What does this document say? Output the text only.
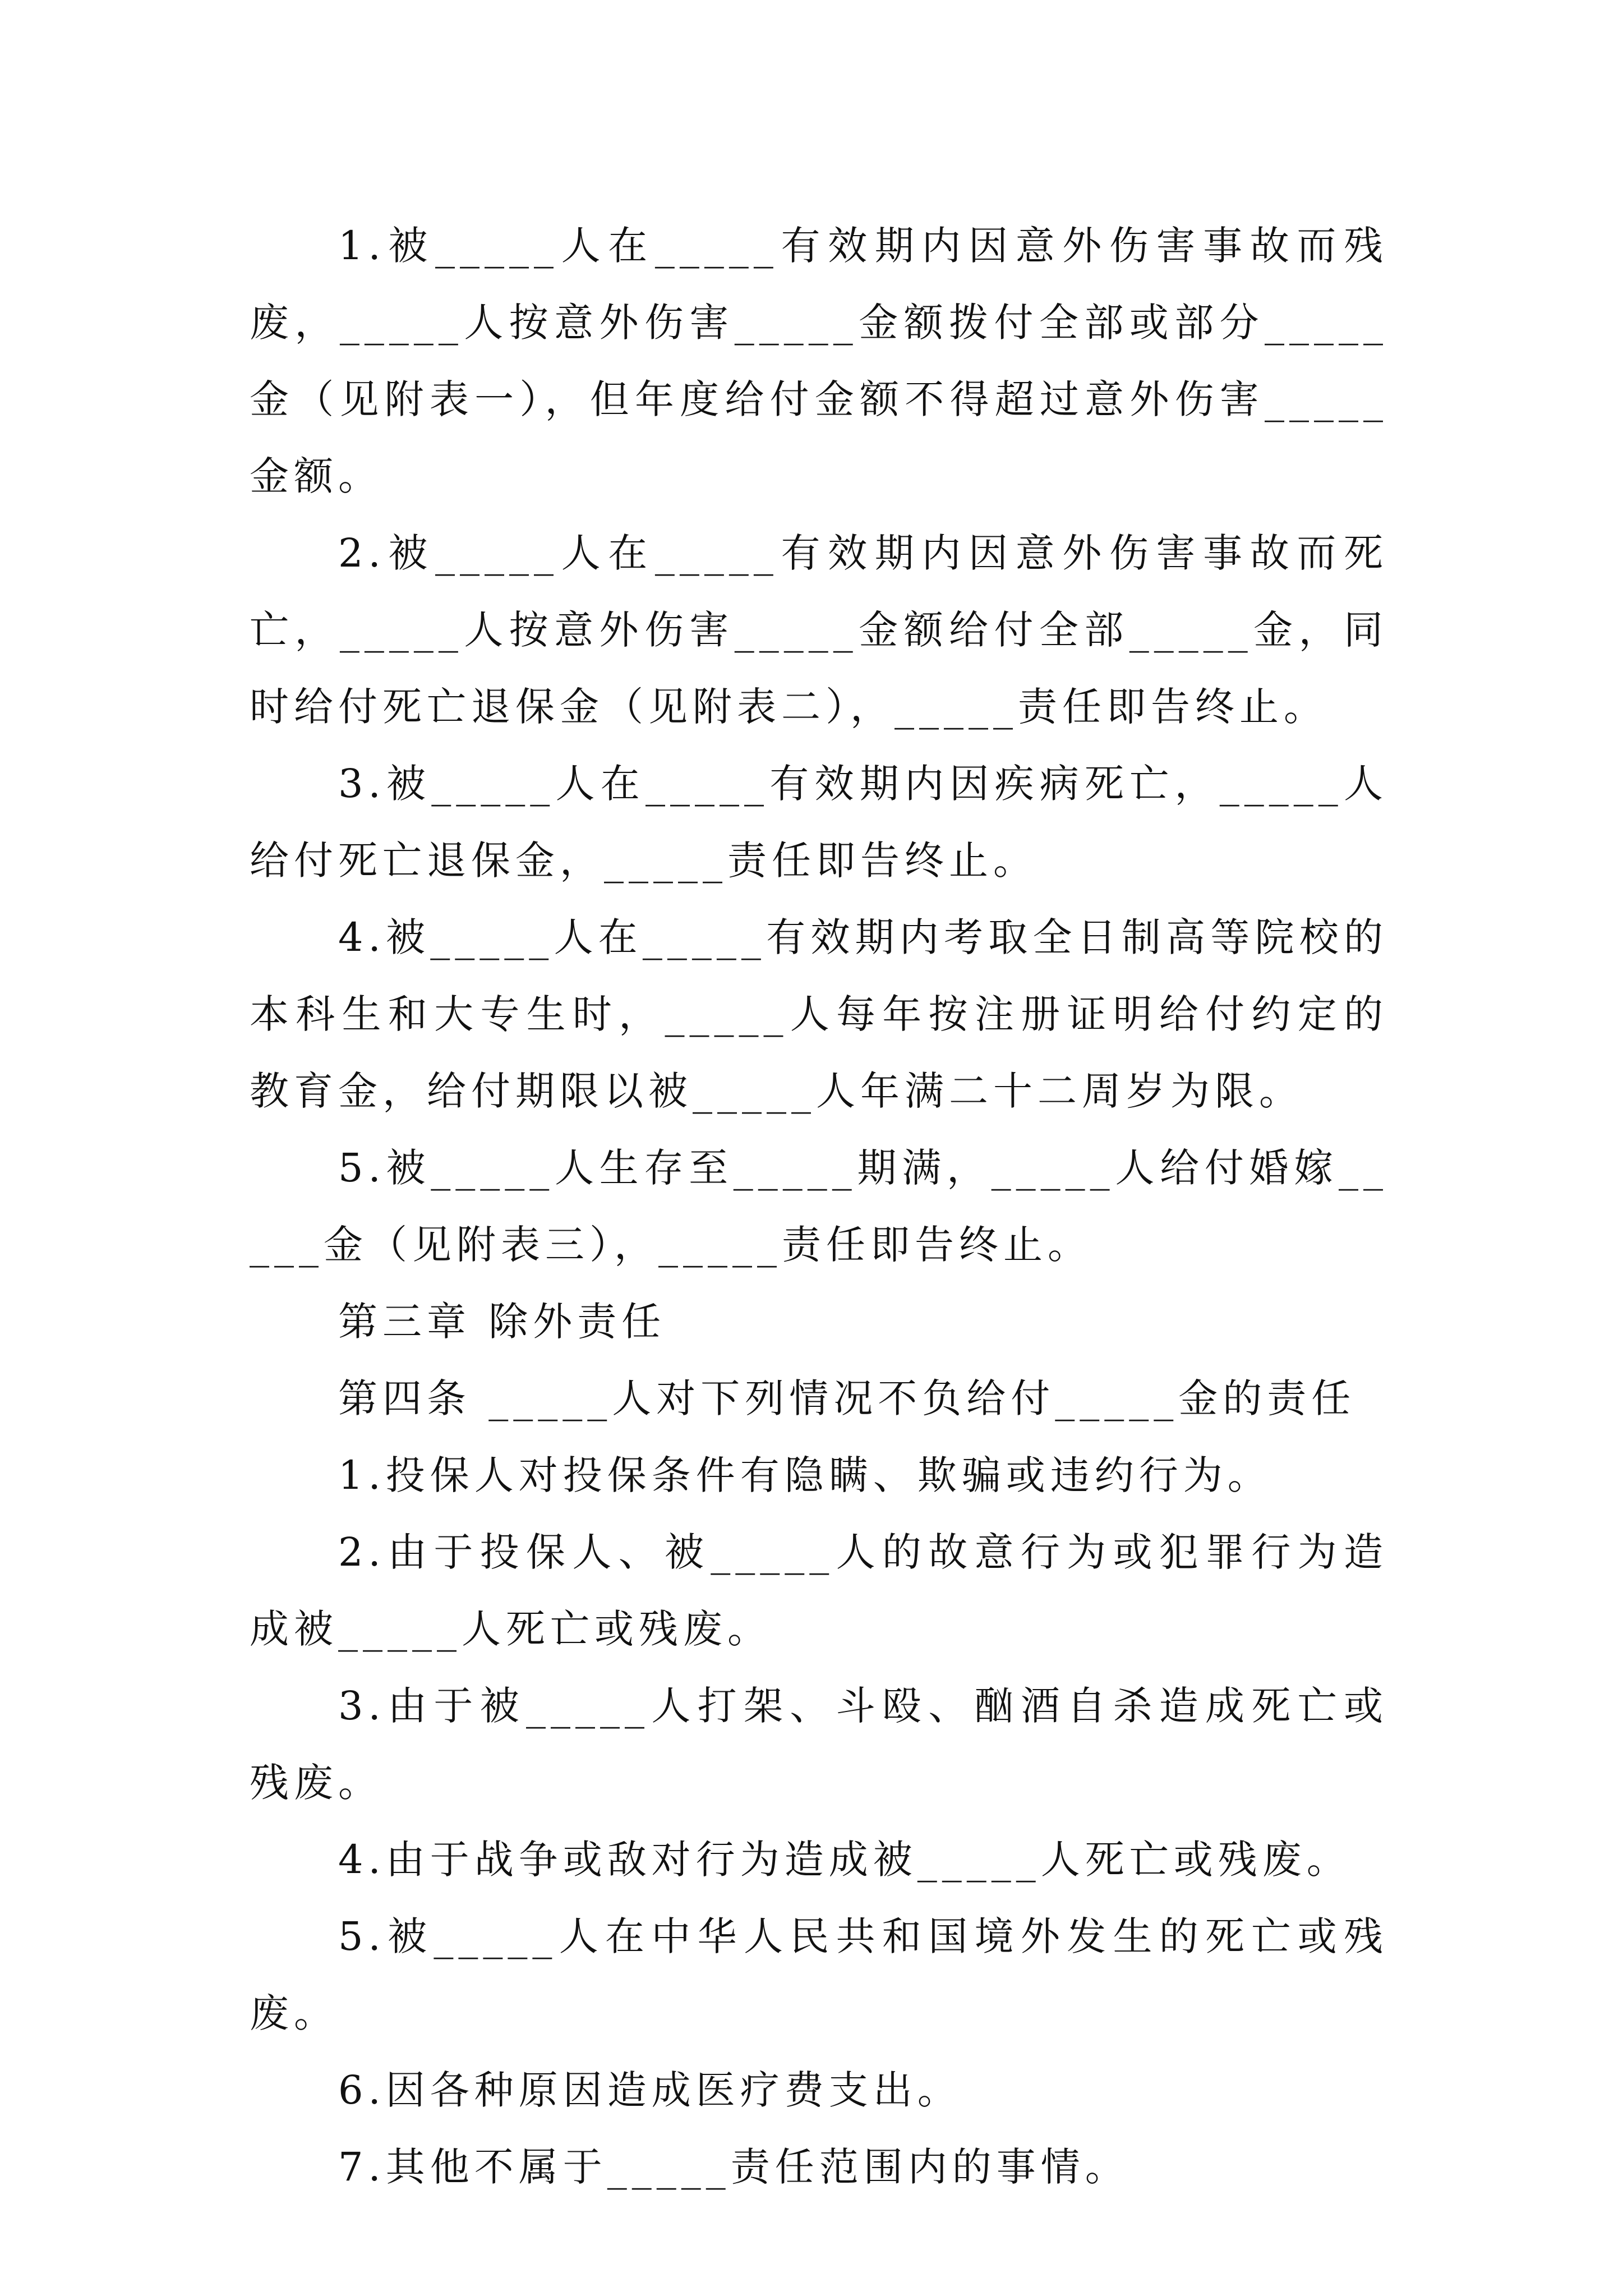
1.被_____人在_____有效期内因意外伤害事故而残废，_____人按意外伤害_____金额拨付全部或部分_____金（见附表一），但年度给付金额不得超过意外伤害_____金额。

2.被_____人在_____有效期内因意外伤害事故而死亡，_____人按意外伤害_____金额给付全部_____金，同时给付死亡退保金（见附表二），_____责任即告终止。

3.被_____人在_____有效期内因疾病死亡，_____人给付死亡退保金，_____责任即告终止。

4.被_____人在_____有效期内考取全日制高等院校的本科生和大专生时，_____人每年按注册证明给付约定的教育金，给付期限以被_____人年满二十二周岁为限。

5.被_____人生存至_____期满，_____人给付婚嫁_____金（见附表三），_____责任即告终止。

第三章 除外责任

第四条 _____人对下列情况不负给付_____金的责任

1.投保人对投保条件有隐瞒、欺骗或违约行为。

2.由于投保人、被_____人的故意行为或犯罪行为造成被_____人死亡或残废。

3.由于被_____人打架、斗殴、酗酒自杀造成死亡或残废。

4.由于战争或敌对行为造成被_____人死亡或残废。

5.被_____人在中华人民共和国境外发生的死亡或残废。

6.因各种原因造成医疗费支出。

7.其他不属于_____责任范围内的事情。
